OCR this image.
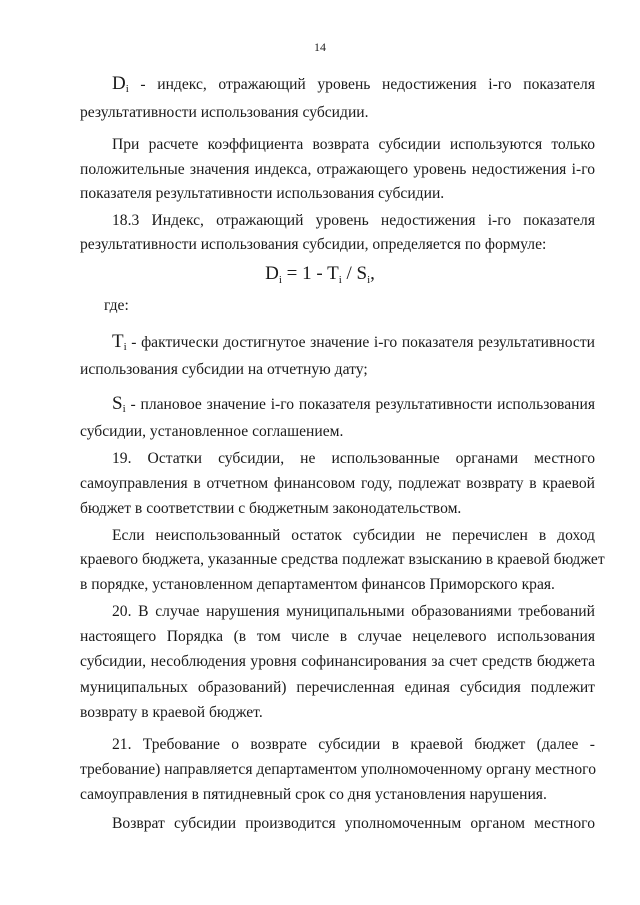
14
Di - индекс, отражающий уровень недостижения i-го показателя
результативности использования субсидии.
При расчете коэффициента возврата субсидии используются только
положительные значения индекса, отражающего уровень недостижения i-го
показателя результативности использования субсидии.
18.3 Индекс, отражающий уровень недостижения i-го показателя
результативности использования субсидии, определяется по формуле:
$D_i = 1 - T_i / S_i$,
где:
Ti - фактически достигнутое значение i-го показателя результативности
использования субсидии на отчетную дату;
Si - плановое значение i-го показателя результативности использования
субсидии, установленное соглашением.
19. Остатки субсидии, не использованные органами местного
самоуправления в отчетном финансовом году, подлежат возврату в краевой
бюджет в соответствии с бюджетным законодательством.
Если неиспользованный остаток субсидии не перечислен в доход
краевого бюджета, указанные средства подлежат взысканию в краевой бюджет
в порядке, установленном департаментом финансов Приморского края.
20. В случае нарушения муниципальными образованиями требований
настоящего Порядка (в том числе в случае нецелевого использования
субсидии, несоблюдения уровня софинансирования за счет средств бюджета
муниципальных образований) перечисленная единая субсидия подлежит
возврату в краевой бюджет.
21. Требование о возврате субсидии в краевой бюджет (далее -
требование) направляется департаментом уполномоченному органу местного
самоуправления в пятидневный срок со дня установления нарушения.
Возврат субсидии производится уполномоченным органом местного
